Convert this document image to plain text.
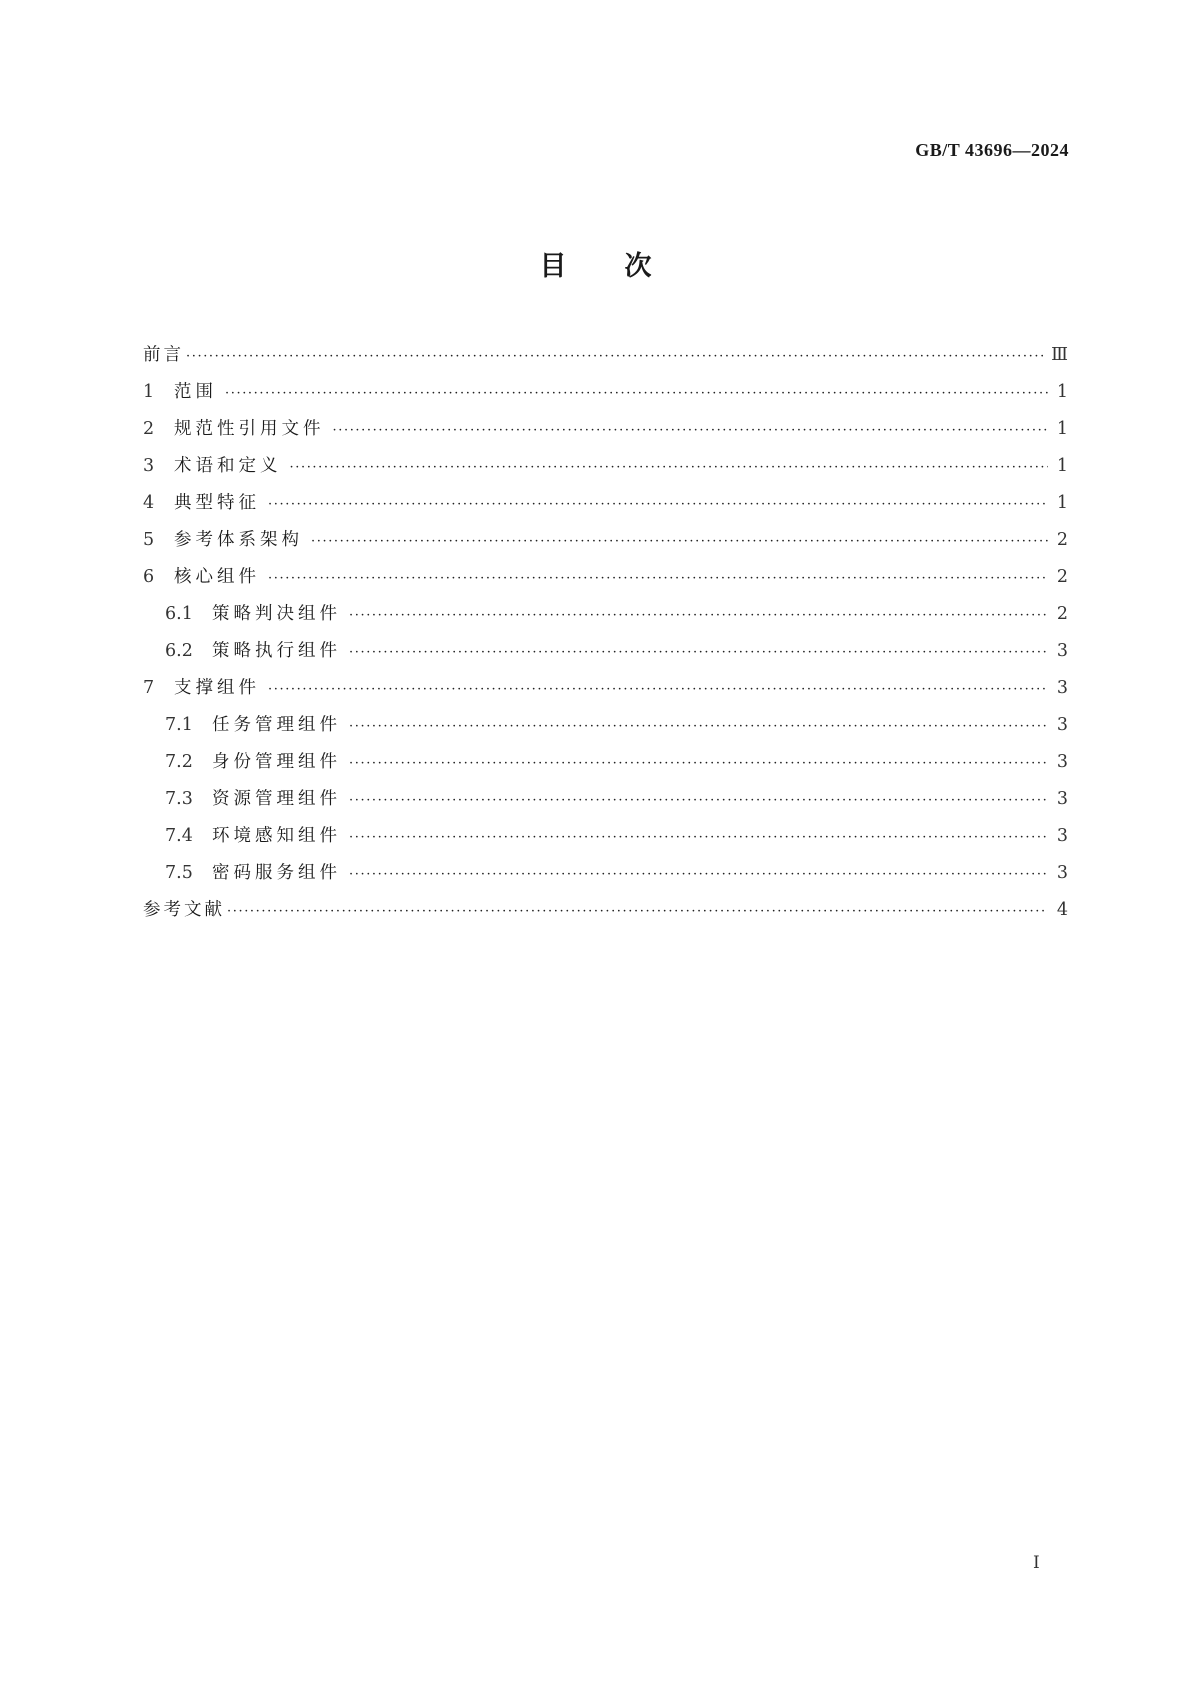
GB/T 43696—2024
目次
前言 ·····	Ⅲ
1	范围 ·····	1
2	规范性引用文件 ·····	1
3	术语和定义 ·····	1
4	典型特征 ·····	1
5	参考体系架构 ·····	2
6	核心组件 ·····	2
6.1	策略判决组件 ·····	2
6.2	策略执行组件 ·····	3
7	支撑组件 ·····	3
7.1	任务管理组件 ·····	3
7.2	身份管理组件 ·····	3
7.3	资源管理组件 ·····	3
7.4	环境感知组件 ·····	3
7.5	密码服务组件 ·····	3
参考文献 ·····	4
Ⅰ
